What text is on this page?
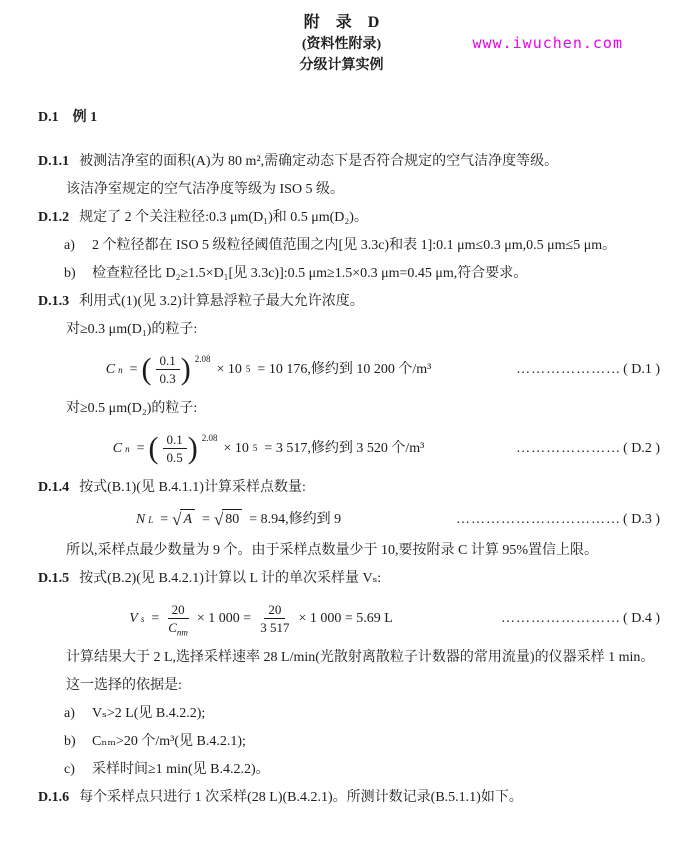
www.iwuchen.com
附　录　D
(资料性附录)
分级计算实例
D.1 例 1

D.1.1 被测洁净室的面积(A)为 80 m²,需确定动态下是否符合规定的空气洁净度等级。

该洁净室规定的空气洁净度等级为 ISO 5 级。

D.1.2 规定了 2 个关注粒径:0.3 μm(D₁)和 0.5 μm(D₂)。

a)	2 个粒径都在 ISO 5 级粒径阈值范围之内[见 3.3c)和表 1]:0.1 μm≤0.3 μm,0.5 μm≤5 μm。
b)	检查粒径比 D₂≥1.5×D₁[见 3.3c)]:0.5 μm≥1.5×0.3 μm=0.45 μm,符合要求。

D.1.3 利用式(1)(见 3.2)计算悬浮粒子最大允许浓度。

对≥0.3 μm(D₁)的粒子:

C n = ( $\frac{0.1}{0.3}$ ) $^{2.08}$
× 10 $^5$ = 10 176,修约到 10 200 个/m³	………………… ( D.1 )

对≥0.5 μm(D₂)的粒子:

C n = ( $\frac{0.1}{0.5}$ ) $^{2.08}$
× 10 $^5$ = 3 517,修约到 3 520 个/m³	………………… ( D.2 )

D.1.4 按式(B.1)(见 B.4.1.1)计算采样点数量:

N L = √ A = √ 80 = 8.94,修约到 9	…………………………… ( D.3 )

所以,采样点最少数量为 9 个。由于采样点数量少于 10,要按附录 C 计算 95%置信上限。

D.1.5 按式(B.2)(见 B.4.2.1)计算以 L 计的单次采样量 Vₛ:

V $s = \frac{20}{C_{nm}} \times 1$ $000 = \frac{20}{3 517} \times 1$ 000 = 5.69 L	…………………… ( D.4 )

计算结果大于 2 L,选择采样速率 28 L/min(光散射离散粒子计数器的常用流量)的仪器采样 1 min。

这一选择的依据是:

a)	Vₛ>2 L(见 B.4.2.2);
b)	Cₙₘ>20 个/m³(见 B.4.2.1);
c)	采样时间≥1 min(见 B.4.2.2)。

D.1.6 每个采样点只进行 1 次采样(28 L)(B.4.2.1)。所测计数记录(B.5.1.1)如下。
